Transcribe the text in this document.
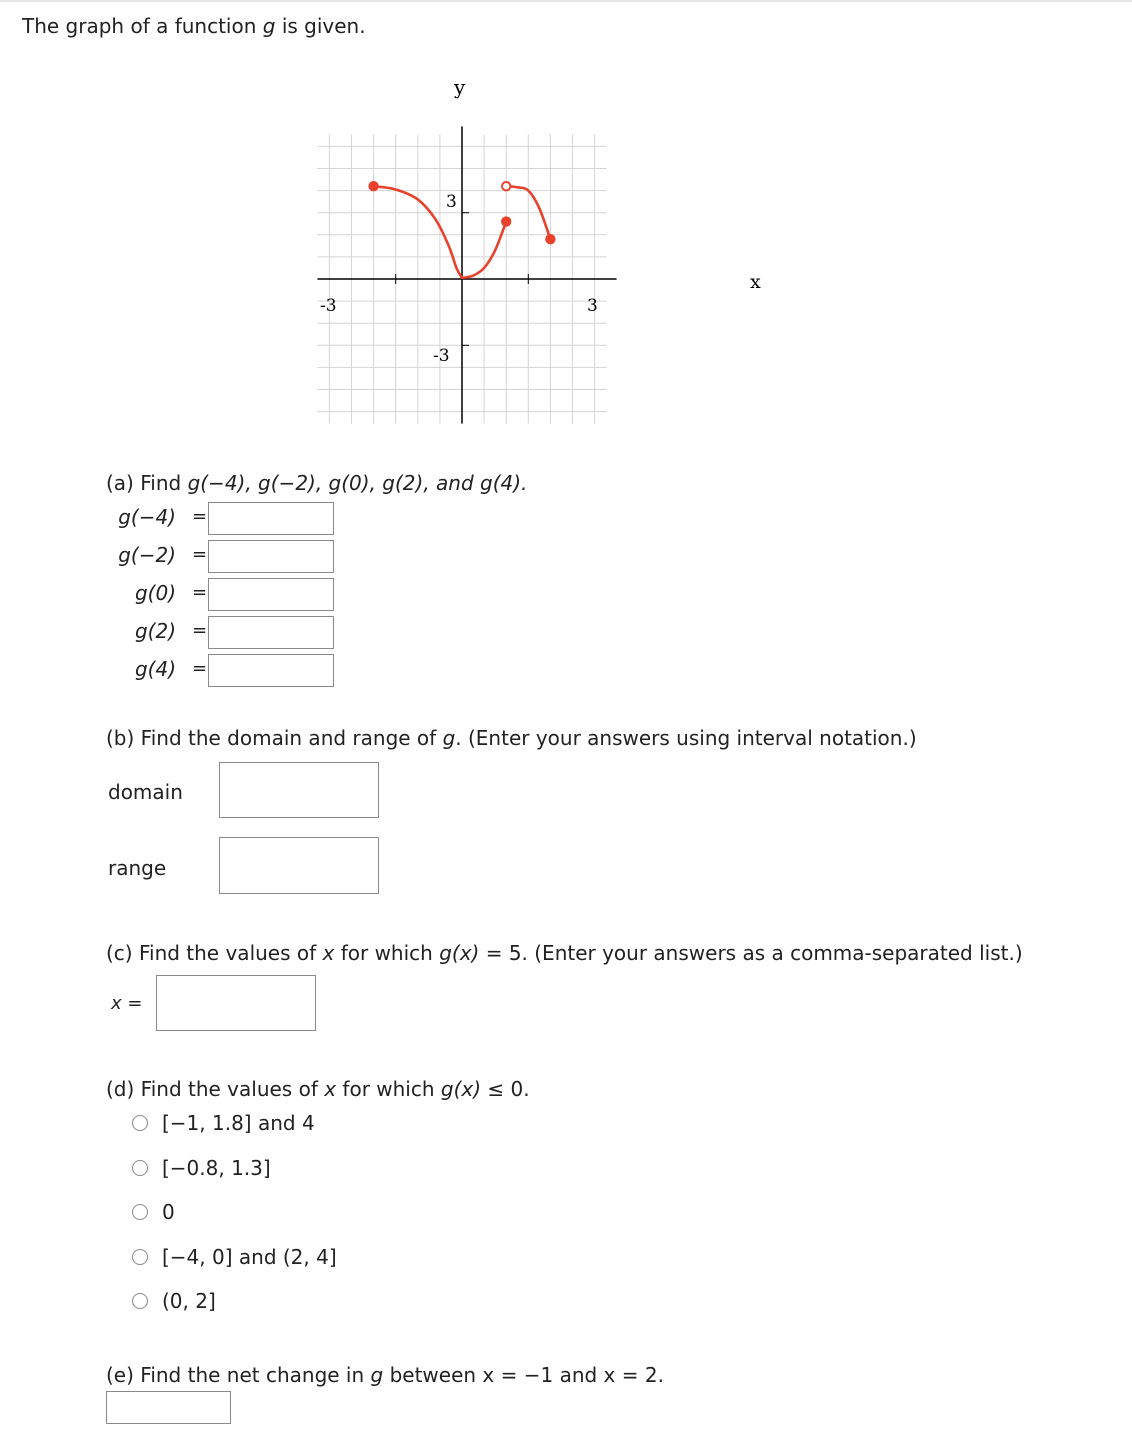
The graph of a function g is given.
x
y
-3	3
3
-3
(a) Find g(−4), g(−2), g(0), g(2), and g(4).
g(−4) =
g(−2) =
g(0) =
g(2) =
g(4) =
(b) Find the domain and range of g. (Enter your answers using interval notation.)
domain
range
(c) Find the values of x for which g(x) = 5. (Enter your answers as a comma-separated list.)
x =
(d) Find the values of x for which g(x) ≤ 0.
[−1, 1.8] and 4
[−0.8, 1.3]
0
[−4, 0] and (2, 4]
(0, 2]
(e) Find the net change in g between x = −1 and x = 2.
